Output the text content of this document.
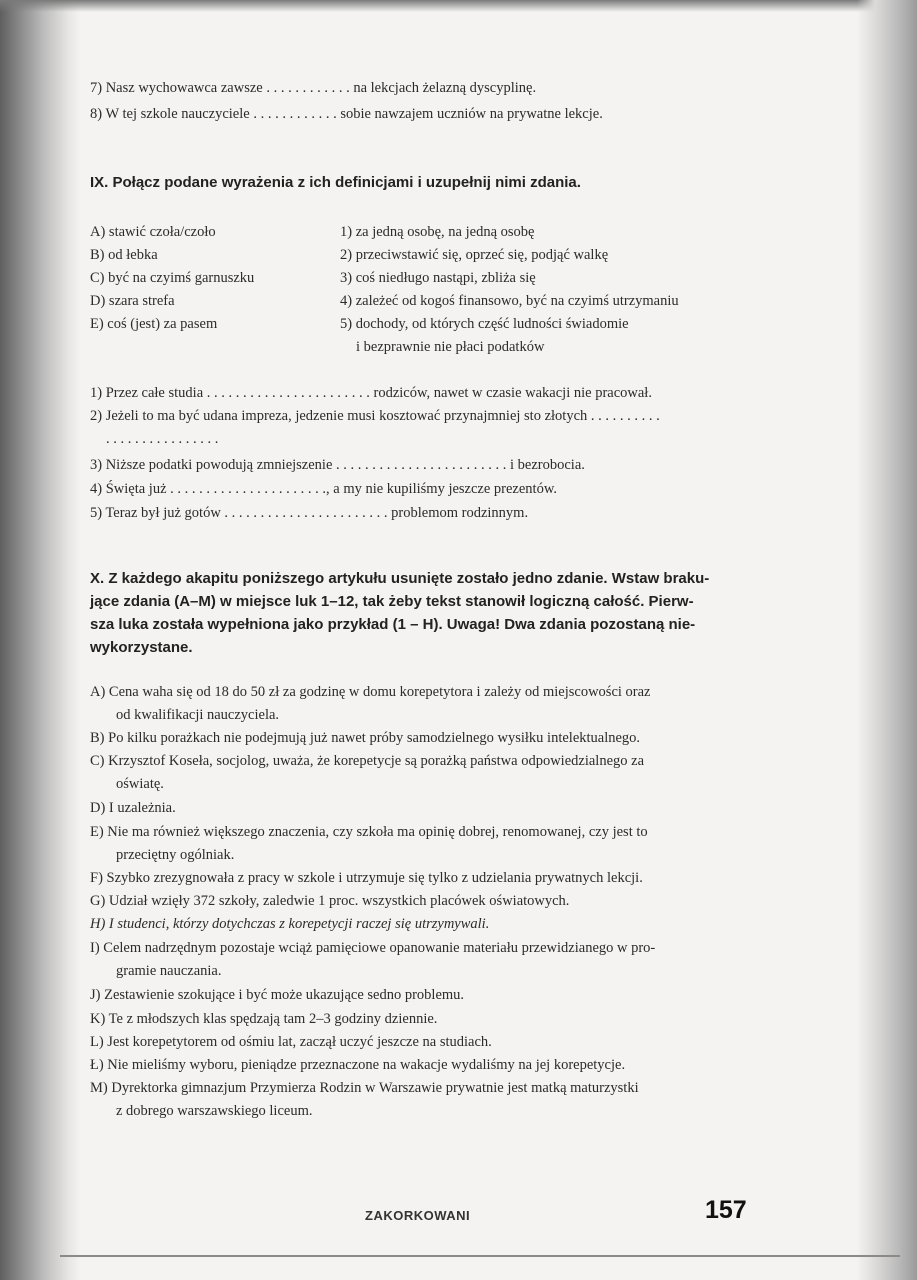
7) Nasz wychowawca zawsze . . . . . . . . . . . . na lekcjach żelazną dyscyplinę.
8) W tej szkole nauczyciele . . . . . . . . . . . . sobie nawzajem uczniów na prywatne lekcje.
IX. Połącz podane wyrażenia z ich definicjami i uzupełnij nimi zdania.
A) stawić czoła/czoło
B) od łebka
C) być na czyimś garnuszku
D) szara strefa
E) coś (jest) za pasem
1) za jedną osobę, na jedną osobę
2) przeciwstawić się, oprzeć się, podjąć walkę
3) coś niedługo nastąpi, zbliża się
4) zależeć od kogoś finansowo, być na czyimś utrzymaniu
5) dochody, od których część ludności świadomie
i bezprawnie nie płaci podatków
1) Przez całe studia . . . . . . . . . . . . . . . . . . . . . . . rodziców, nawet w czasie wakacji nie pracował.
2) Jeżeli to ma być udana impreza, jedzenie musi kosztować przynajmniej sto złotych . . . . . . . . . .
. . . . . . . . . . . . . . . .
3) Niższe podatki powodują zmniejszenie . . . . . . . . . . . . . . . . . . . . . . . . i bezrobocia.
4) Święta już . . . . . . . . . . . . . . . . . . . . . ., a my nie kupiliśmy jeszcze prezentów.
5) Teraz był już gotów . . . . . . . . . . . . . . . . . . . . . . . problemom rodzinnym.
X. Z każdego akapitu poniższego artykułu usunięte zostało jedno zdanie. Wstaw braku-
jące zdania (A–M) w miejsce luk 1–12, tak żeby tekst stanowił logiczną całość. Pierw-
sza luka została wypełniona jako przykład (1 – H). Uwaga! Dwa zdania pozostaną nie-
wykorzystane.
A) Cena waha się od 18 do 50 zł za godzinę w domu korepetytora i zależy od miejscowości oraz
od kwalifikacji nauczyciela.
B) Po kilku porażkach nie podejmują już nawet próby samodzielnego wysiłku intelektualnego.
C) Krzysztof Koseła, socjolog, uważa, że korepetycje są porażką państwa odpowiedzialnego za
oświatę.
D) I uzależnia.
E) Nie ma również większego znaczenia, czy szkoła ma opinię dobrej, renomowanej, czy jest to
przeciętny ogólniak.
F) Szybko zrezygnowała z pracy w szkole i utrzymuje się tylko z udzielania prywatnych lekcji.
G) Udział wzięły 372 szkoły, zaledwie 1 proc. wszystkich placówek oświatowych.
H) I studenci, którzy dotychczas z korepetycji raczej się utrzymywali.
I) Celem nadrzędnym pozostaje wciąż pamięciowe opanowanie materiału przewidzianego w pro-
gramie nauczania.
J) Zestawienie szokujące i być może ukazujące sedno problemu.
K) Te z młodszych klas spędzają tam 2–3 godziny dziennie.
L) Jest korepetytorem od ośmiu lat, zaczął uczyć jeszcze na studiach.
Ł) Nie mieliśmy wyboru, pieniądze przeznaczone na wakacje wydaliśmy na jej korepetycje.
M) Dyrektorka gimnazjum Przymierza Rodzin w Warszawie prywatnie jest matką maturzystki
z dobrego warszawskiego liceum.
ZAKORKOWANI	157
